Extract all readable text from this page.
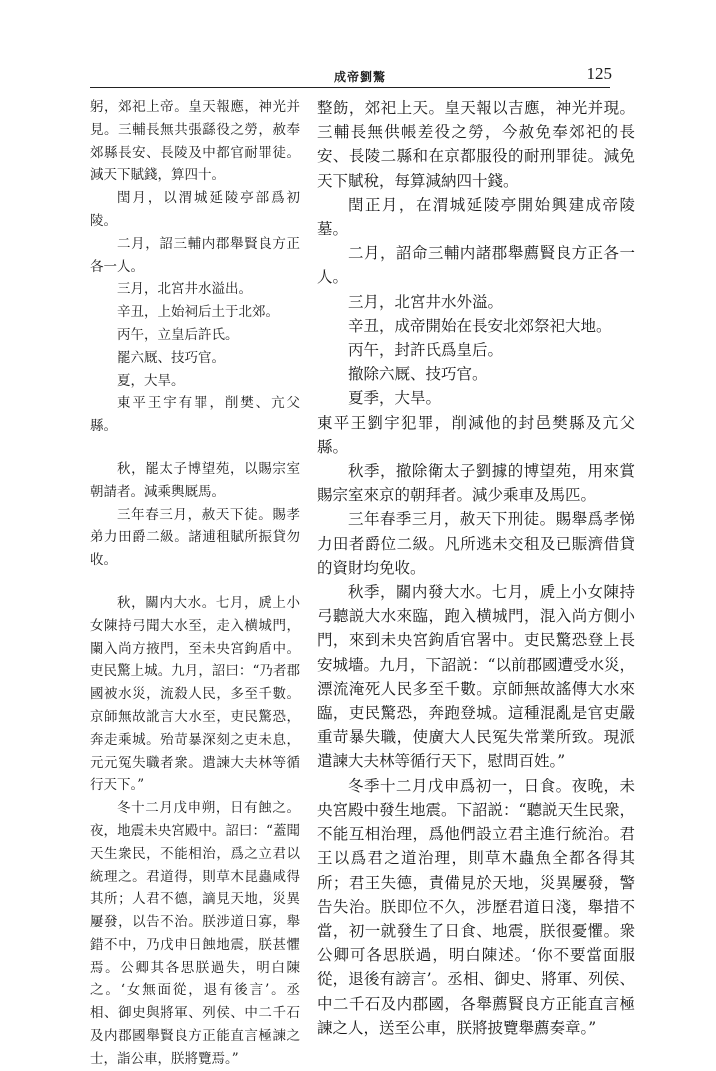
成帝劉驁	125

躬，郊祀上帝。皇天報應，神光并見。三輔長無共張繇役之勞，赦奉郊縣長安、長陵及中都官耐罪徒。減天下賦錢，算四十。

閏月，以渭城延陵亭部爲初陵。

二月，詔三輔内郡舉賢良方正各一人。

三月，北宮井水溢出。

辛丑，上始祠后土于北郊。

丙午，立皇后許氏。

罷六厩、技巧官。

夏，大旱。

東平王宇有罪，削樊、亢父縣。

秋，罷太子博望苑，以賜宗室朝請者。減乘輿厩馬。

三年春三月，赦天下徒。賜孝弟力田爵二級。諸逋租賦所振貸勿收。

秋，關内大水。七月，虒上小女陳持弓聞大水至，走入横城門，闌入尚方掖門，至未央宮鉤盾中。吏民驚上城。九月，詔曰：“乃者郡國被水災，流殺人民，多至千數。京師無故訛言大水至，吏民驚恐，奔走乘城。殆苛暴深刻之吏未息，元元冤失職者衆。遣諫大夫林等循行天下。”

冬十二月戊申朔，日有蝕之。夜，地震未央宮殿中。詔曰：“蓋聞天生衆民，不能相治，爲之立君以統理之。君道得，則草木昆蟲咸得其所；人君不德，謫見天地，災異屢發，以告不治。朕涉道日寡，舉錯不中，乃戊申日蝕地震，朕甚懼焉。公卿其各思朕過失，明白陳之。‘女無面從，退有後言’。丞相、御史與將軍、列侯、中二千石及内郡國舉賢良方正能直言極諫之士，詣公車，朕將覽焉。”

整飭，郊祀上天。皇天報以吉應，神光并現。三輔長無供帳差役之勞，今赦免奉郊祀的長安、長陵二縣和在京都服役的耐刑罪徒。減免天下賦稅，每算減納四十錢。

閏正月，在渭城延陵亭開始興建成帝陵墓。

二月，詔命三輔内諸郡舉薦賢良方正各一人。

三月，北宮井水外溢。

辛丑，成帝開始在長安北郊祭祀大地。

丙午，封許氏爲皇后。

撤除六厩、技巧官。

夏季，大旱。

東平王劉宇犯罪，削減他的封邑樊縣及亢父縣。

秋季，撤除衛太子劉據的博望苑，用來賞賜宗室來京的朝拜者。減少乘車及馬匹。

三年春季三月，赦天下刑徒。賜舉爲孝悌力田者爵位二級。凡所逃未交租及已賑濟借貸的資財均免收。

秋季，關内發大水。七月，虒上小女陳持弓聽説大水來臨，跑入横城門，混入尚方側小門，來到未央宮鉤盾官署中。吏民驚恐登上長安城墻。九月，下詔説：“以前郡國遭受水災，漂流淹死人民多至千數。京師無故謠傳大水來臨，吏民驚恐，奔跑登城。這種混亂是官吏嚴重苛暴失職，使廣大人民冤失常業所致。現派遣諫大夫林等循行天下，慰問百姓。”

冬季十二月戊申爲初一，日食。夜晚，未央宮殿中發生地震。下詔説：“聽説天生民衆，不能互相治理，爲他們設立君主進行統治。君王以爲君之道治理，則草木蟲魚全都各得其所；君王失德，責備見於天地，災異屢發，警告失治。朕即位不久，涉歷君道日淺，舉措不當，初一就發生了日食、地震，朕很憂懼。衆公卿可各思朕過，明白陳述。‘你不要當面服從，退後有謗言’。丞相、御史、將軍、列侯、中二千石及内郡國，各舉薦賢良方正能直言極諫之人，送至公車，朕將披覽舉薦奏章。”
